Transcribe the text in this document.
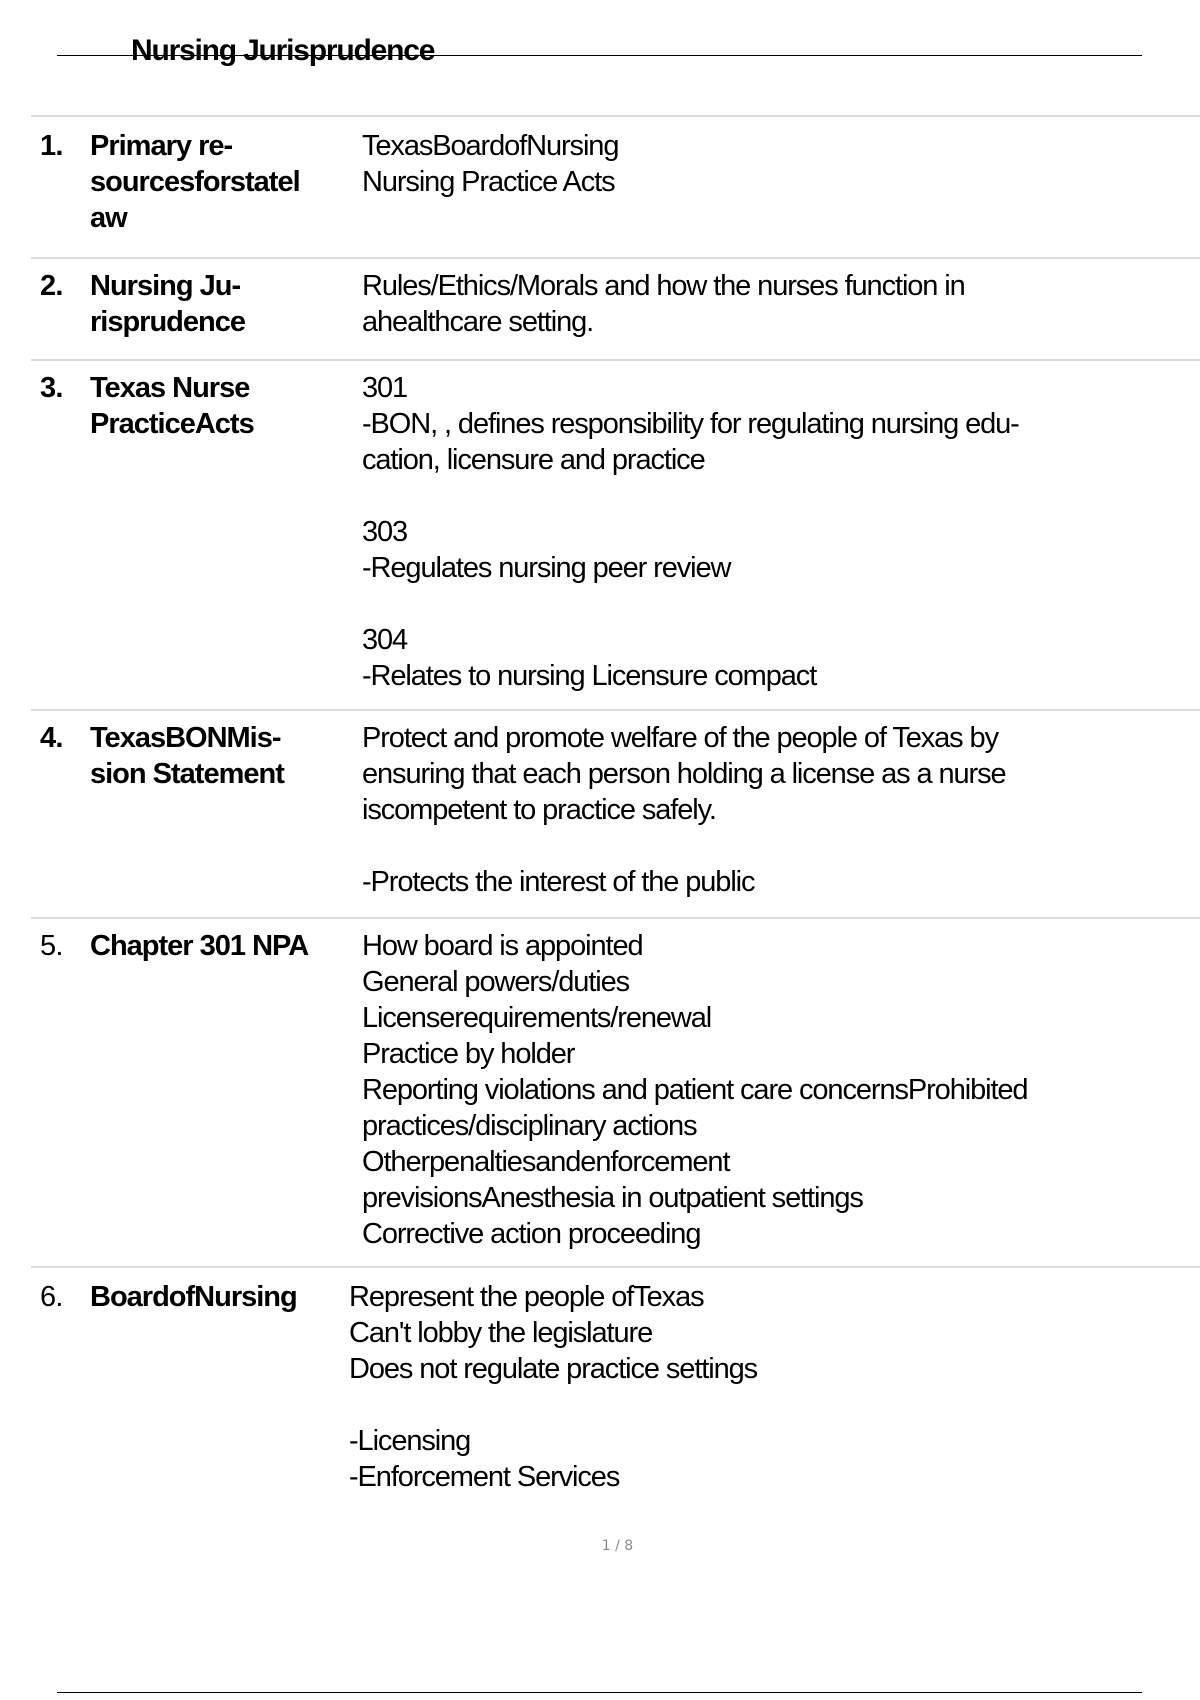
Nursing Jurisprudence
1. Primary re-
sourcesforstatel
aw
TexasBoardofNursing
Nursing Practice Acts
2. Nursing Ju-
risprudence
Rules/Ethics/Morals and how the nurses function in
ahealthcare setting.
3. Texas Nurse
PracticeActs
301
-BON, , defines responsibility for regulating nursing edu-
cation, licensure and practice

303
-Regulates nursing peer review

304
-Relates to nursing Licensure compact
4. TexasBONMis-
sion Statement
Protect and promote welfare of the people of Texas by
ensuring that each person holding a license as a nurse
iscompetent to practice safely.

-Protects the interest of the public
5. Chapter 301 NPA	How board is appointed
General powers/duties
Licenserequirements/renewal
Practice by holder
Reporting violations and patient care concernsProhibited
practices/disciplinary actions
Otherpenaltiesandenforcement
previsionsAnesthesia in outpatient settings
Corrective action proceeding
6. BoardofNursing	Represent the people ofTexas
Can't lobby the legislature
Does not regulate practice settings

-Licensing
-Enforcement Services
1 / 8
